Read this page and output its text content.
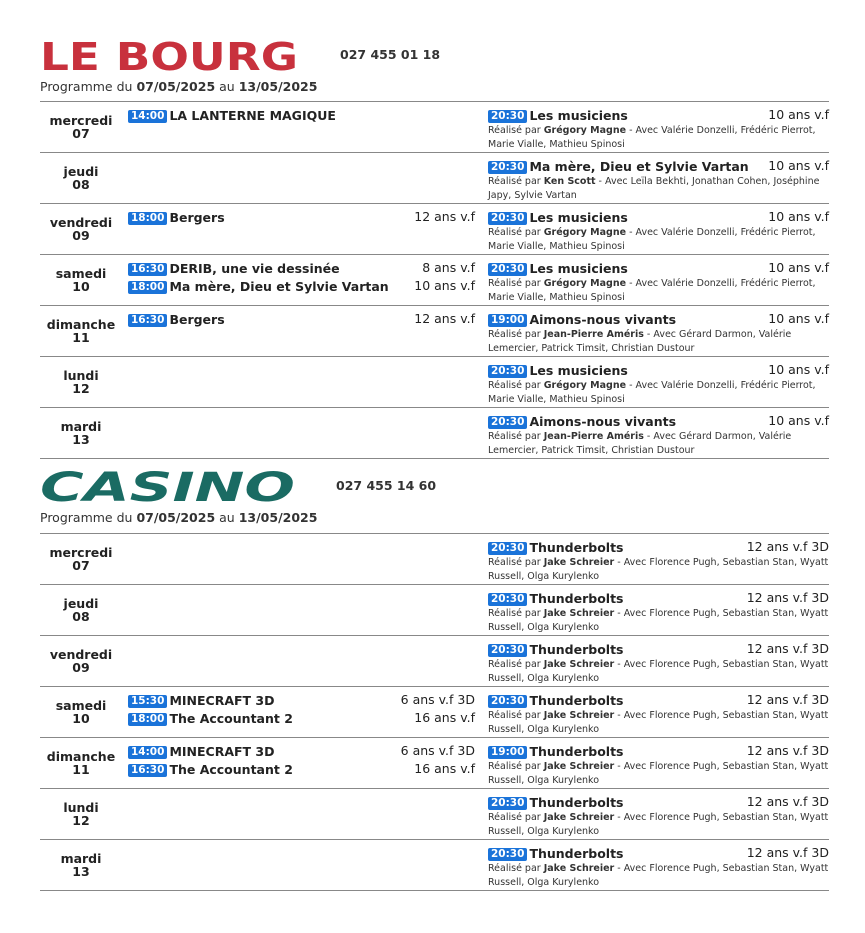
LE BOURG	027 455 01 18
Programme du 07/05/2025 au 13/05/2025
mercredi
07
14:00 LA LANTERNE MAGIQUE	20:30 Les musiciens	10 ans v.f
Réalisé par Grégory Magne - Avec Valérie Donzelli, Frédéric Pierrot, Marie Vialle, Mathieu Spinosi
jeudi
08
20:30 Ma mère, Dieu et Sylvie Vartan 10 ans v.f
Réalisé par Ken Scott - Avec Leïla Bekhti, Jonathan Cohen, Joséphine Japy, Sylvie Vartan
vendredi
09
18:00 Bergers	12 ans v.f 20:30 Les musiciens	10 ans v.f
Réalisé par Grégory Magne - Avec Valérie Donzelli, Frédéric Pierrot, Marie Vialle, Mathieu Spinosi
samedi
10
16:30 DERIB, une vie dessinée	8 ans v.f
18:00 Ma mère, Dieu et Sylvie Vartan 10 ans v.f
20:30 Les musiciens	10 ans v.f
Réalisé par Grégory Magne - Avec Valérie Donzelli, Frédéric Pierrot, Marie Vialle, Mathieu Spinosi
dimanche
11
16:30 Bergers	12 ans v.f 19:00 Aimons-nous vivants	10 ans v.f
Réalisé par Jean-Pierre Améris - Avec Gérard Darmon, Valérie Lemercier, Patrick Timsit, Christian Dustour
lundi
12
20:30 Les musiciens	10 ans v.f
Réalisé par Grégory Magne - Avec Valérie Donzelli, Frédéric Pierrot, Marie Vialle, Mathieu Spinosi
mardi
13
20:30 Aimons-nous vivants	10 ans v.f
Réalisé par Jean-Pierre Améris - Avec Gérard Darmon, Valérie Lemercier, Patrick Timsit, Christian Dustour
CASINO	027 455 14 60
Programme du 07/05/2025 au 13/05/2025
mercredi
07
20:30 Thunderbolts	12 ans v.f 3D
Réalisé par Jake Schreier - Avec Florence Pugh, Sebastian Stan, Wyatt Russell, Olga Kurylenko
jeudi
08
20:30 Thunderbolts	12 ans v.f 3D
Réalisé par Jake Schreier - Avec Florence Pugh, Sebastian Stan, Wyatt Russell, Olga Kurylenko
vendredi
09
20:30 Thunderbolts	12 ans v.f 3D
Réalisé par Jake Schreier - Avec Florence Pugh, Sebastian Stan, Wyatt Russell, Olga Kurylenko
samedi
10
15:30 MINECRAFT 3D	6 ans v.f 3D
18:00 The Accountant 2	16 ans v.f
20:30 Thunderbolts	12 ans v.f 3D
Réalisé par Jake Schreier - Avec Florence Pugh, Sebastian Stan, Wyatt Russell, Olga Kurylenko
dimanche
11
14:00 MINECRAFT 3D	6 ans v.f 3D
16:30 The Accountant 2	16 ans v.f
19:00 Thunderbolts	12 ans v.f 3D
Réalisé par Jake Schreier - Avec Florence Pugh, Sebastian Stan, Wyatt Russell, Olga Kurylenko
lundi
12
20:30 Thunderbolts	12 ans v.f 3D
Réalisé par Jake Schreier - Avec Florence Pugh, Sebastian Stan, Wyatt Russell, Olga Kurylenko
mardi
13
20:30 Thunderbolts	12 ans v.f 3D
Réalisé par Jake Schreier - Avec Florence Pugh, Sebastian Stan, Wyatt Russell, Olga Kurylenko
